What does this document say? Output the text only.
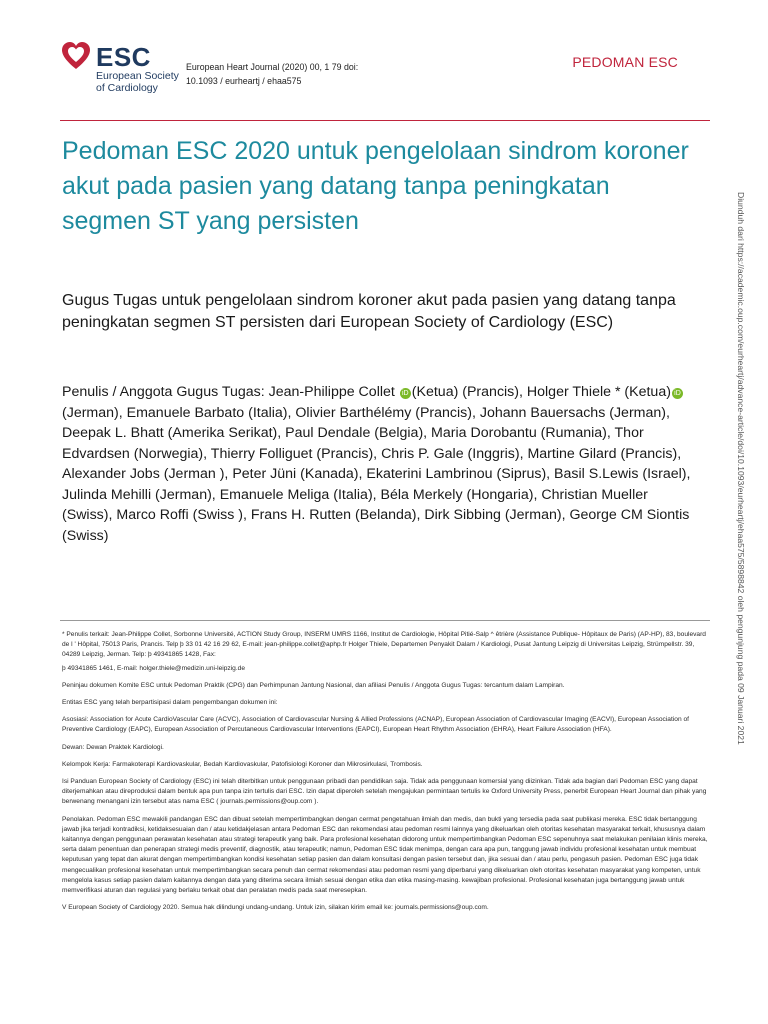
ESC
European Society
of Cardiology
European Heart Journal (2020) 00, 1 79 doi:
10.1093 / eurheartj / ehaa575
PEDOMAN ESC
Pedoman ESC 2020 untuk pengelolaan sindrom koroner akut pada pasien yang datang tanpa peningkatan segmen ST yang persisten

Gugus Tugas untuk pengelolaan sindrom koroner akut pada pasien yang datang tanpa peningkatan segmen ST persisten dari European Society of Cardiology (ESC)

Penulis / Anggota Gugus Tugas: Jean-Philippe Collet iD (Ketua) (Prancis), Holger Thiele * (Ketua) iD(Jerman), Emanuele Barbato (Italia), Olivier Barthélémy (Prancis), Johann Bauersachs (Jerman), Deepak L. Bhatt (Amerika Serikat), Paul Dendale (Belgia), Maria Dorobantu (Rumania), Thor Edvardsen (Norwegia), Thierry Folliguet (Prancis), Chris P. Gale (Inggris), Martine Gilard (Prancis), Alexander Jobs (Jerman ), Peter Jüni (Kanada), Ekaterini Lambrinou (Siprus), Basil S.Lewis (Israel), Julinda Mehilli (Jerman), Emanuele Meliga (Italia), Béla Merkely (Hongaria), Christian Mueller (Swiss), Marco Roffi (Swiss ), Frans H. Rutten (Belanda), Dirk Sibbing (Jerman), George CM Siontis (Swiss)	Diunduh dari https://academic.oup.com/eurheartj/advance-article/doi/10.1093/eurheartj/ehaa575/5898842 oleh pengunjung pada 09 Januari 2021

* Penulis terkait: Jean-Philippe Collet, Sorbonne Université, ACTION Study Group, INSERM UMRS 1166, Institut de Cardiologie, Hôpital Pitié-Salp ^ êtrière (Assistance Publique- Hôpitaux de Paris) (AP-HP), 83, boulevard de l ' Hôpital, 75013 Paris, Prancis. Telp þ 33 01 42 16 29 62, E-mail: jean-philippe.collet@aphp.fr Holger Thiele, Departemen Penyakit Dalam / Kardiologi, Pusat Jantung Leipzig di Universitas Leipzig, Strümpellstr. 39, 04289 Leipzig, Jerman. Telp: þ 49341865 1428, Fax:

þ 49341865 1461, E-mail: holger.thiele@medizin.uni-leipzig.de

Peninjau dokumen Komite ESC untuk Pedoman Praktik (CPG) dan Perhimpunan Jantung Nasional, dan afiliasi Penulis / Anggota Gugus Tugas: tercantum dalam Lampiran.

Entitas ESC yang telah berpartisipasi dalam pengembangan dokumen ini:

Asosiasi: Association for Acute CardioVascular Care (ACVC), Association of Cardiovascular Nursing & Allied Professions (ACNAP), European Association of Cardiovascular Imaging (EACVI), European Association of Preventive Cardiology (EAPC), European Association of Percutaneous Cardiovascular Interventions (EAPCI), European Heart Rhythm Association (EHRA), Heart Failure Association (HFA).

Dewan: Dewan Praktek Kardiologi.

Kelompok Kerja: Farmakoterapi Kardiovaskular, Bedah Kardiovaskular, Patofisiologi Koroner dan Mikrosirkulasi, Trombosis.

Isi Panduan European Society of Cardiology (ESC) ini telah diterbitkan untuk penggunaan pribadi dan pendidikan saja. Tidak ada penggunaan komersial yang diizinkan. Tidak ada bagian dari Pedoman ESC yang dapat diterjemahkan atau direproduksi dalam bentuk apa pun tanpa izin tertulis dari ESC. Izin dapat diperoleh setelah mengajukan permintaan tertulis ke Oxford University Press, penerbit European Heart Journal dan pihak yang berwenang menangani izin tersebut atas nama ESC ( journals.permissions@oup.com ).

Penolakan. Pedoman ESC mewakili pandangan ESC dan dibuat setelah mempertimbangkan dengan cermat pengetahuan ilmiah dan medis, dan bukti yang tersedia pada saat publikasi mereka. ESC tidak bertanggung jawab jika terjadi kontradiksi, ketidaksesuaian dan / atau ketidakjelasan antara Pedoman ESC dan rekomendasi atau pedoman resmi lainnya yang dikeluarkan oleh otoritas kesehatan masyarakat terkait, khususnya dalam kaitannya dengan penggunaan perawatan kesehatan atau strategi terapeutik yang baik. Para profesional kesehatan didorong untuk mempertimbangkan Pedoman ESC sepenuhnya saat melakukan penilaian klinis mereka, serta dalam penentuan dan penerapan strategi medis preventif, diagnostik, atau terapeutik; namun, Pedoman ESC tidak menimpa, dengan cara apa pun, tanggung jawab individu profesional kesehatan untuk membuat keputusan yang tepat dan akurat dengan mempertimbangkan kondisi kesehatan setiap pasien dan dalam konsultasi dengan pasien tersebut dan, jika sesuai dan / atau perlu, pengasuh pasien. Pedoman ESC juga tidak mengecualikan profesional kesehatan untuk mempertimbangkan secara penuh dan cermat rekomendasi atau pedoman resmi yang diperbarui yang dikeluarkan oleh otoritas kesehatan masyarakat yang kompeten, untuk mengelola kasus setiap pasien dalam kaitannya dengan data yang diterima secara ilmiah sesuai dengan etika dan etika masing-masing. kewajiban profesional. Profesional kesehatan juga bertanggung jawab untuk memverifikasi aturan dan regulasi yang berlaku terkait obat dan peralatan medis pada saat meresepkan.

V European Society of Cardiology 2020. Semua hak dilindungi undang-undang. Untuk izin, silakan kirim email ke: journals.permissions@oup.com.
